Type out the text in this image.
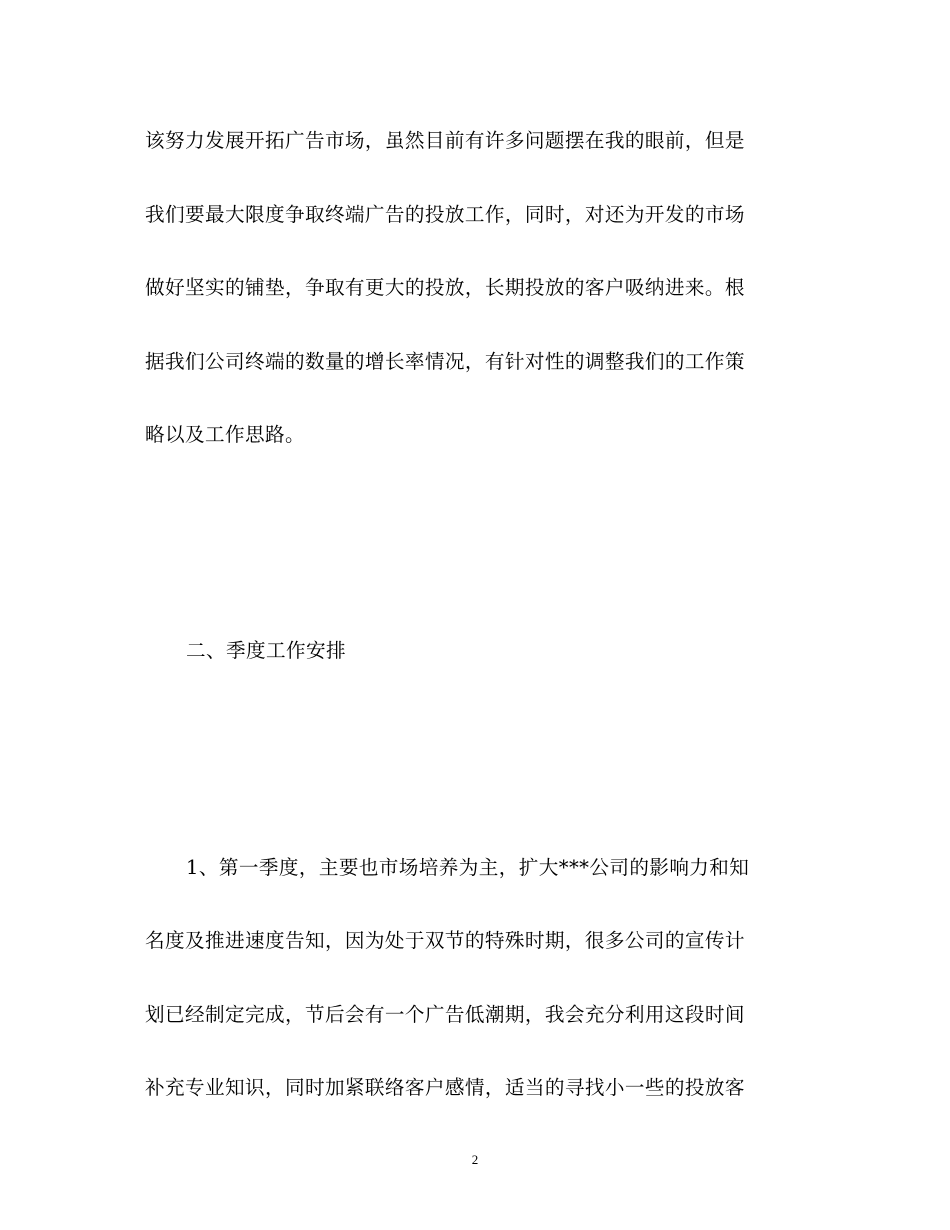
该努力发展开拓广告市场，虽然目前有许多问题摆在我的眼前，但是
我们要最大限度争取终端广告的投放工作，同时，对还为开发的市场
做好坚实的铺垫，争取有更大的投放，长期投放的客户吸纳进来。根
据我们公司终端的数量的增长率情况，有针对性的调整我们的工作策
略以及工作思路。
二、季度工作安排
1、第一季度，主要也市场培养为主，扩大***公司的影响力和知
名度及推进速度告知，因为处于双节的特殊时期，很多公司的宣传计
划已经制定完成，节后会有一个广告低潮期，我会充分利用这段时间
补充专业知识，同时加紧联络客户感情，适当的寻找小一些的投放客
2
